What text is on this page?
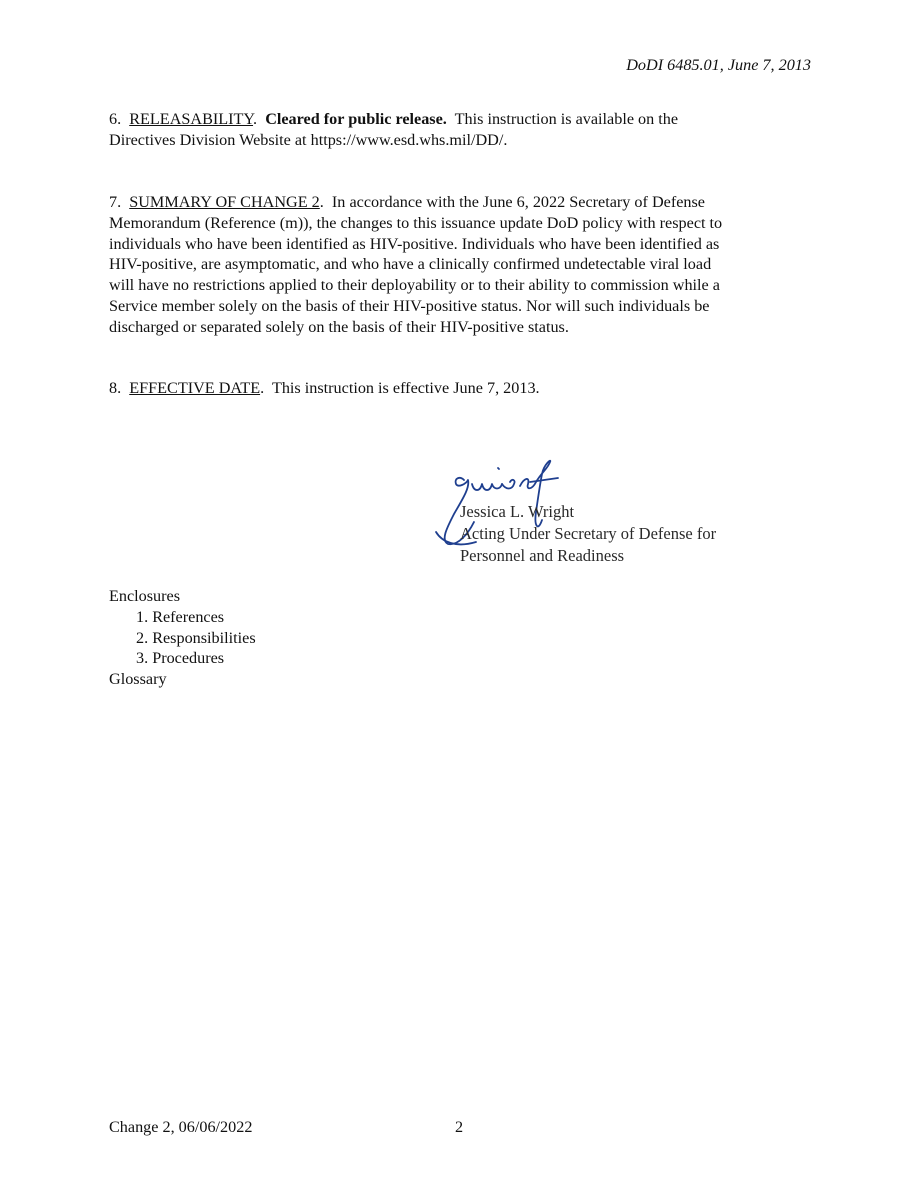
DoDI 6485.01, June 7, 2013
6. RELEASABILITY.  Cleared for public release. This instruction is available on the
Directives Division Website at https://www.esd.whs.mil/DD/.
7. SUMMARY OF CHANGE 2.  In accordance with the June 6, 2022 Secretary of Defense
Memorandum (Reference (m)), the changes to this issuance update DoD policy with respect to
individuals who have been identified as HIV-positive. Individuals who have been identified as
HIV-positive, are asymptomatic, and who have a clinically confirmed undetectable viral load
will have no restrictions applied to their deployability or to their ability to commission while a
Service member solely on the basis of their HIV-positive status. Nor will such individuals be
discharged or separated solely on the basis of their HIV-positive status.
8. EFFECTIVE DATE.  This instruction is effective June 7, 2013.
Jessica L. Wright
Acting Under Secretary of Defense for
Personnel and Readiness
Enclosures
1. References
2. Responsibilities
3. Procedures
Glossary
Change 2, 06/06/2022	2
